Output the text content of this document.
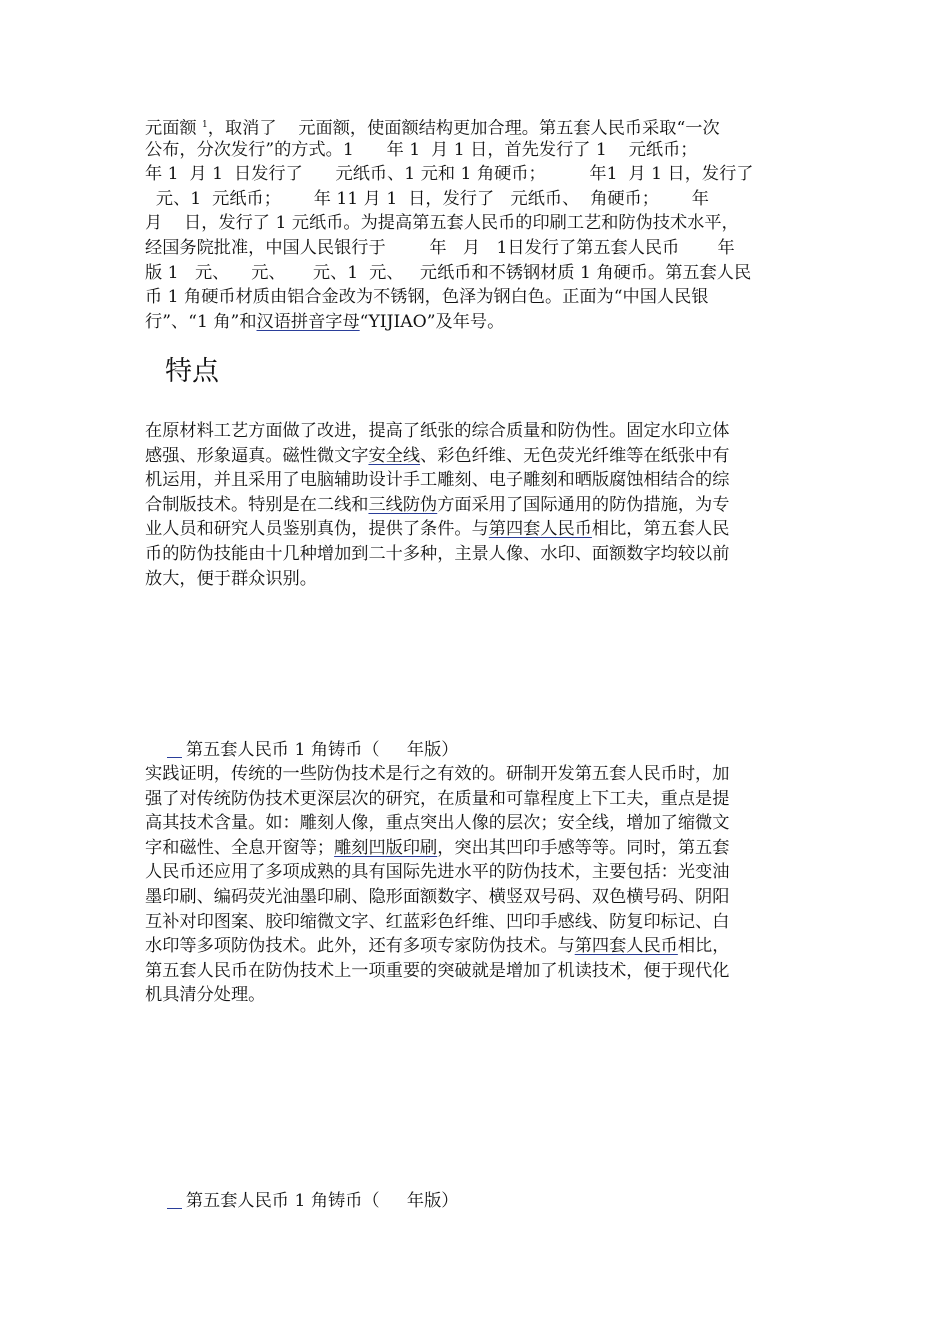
元面额 $^1$，取消了    元面额，使面额结构更加合理。第五套人民币采取“一次
公布，分次发行”的方式。1      年 1  月 1 日，首先发行了 1    元纸币；
年 1  月 1  日发行了      元纸币、1 元和 1 角硬币；        年1  月 1 日，发行了
元、1  元纸币；      年 11 月 1  日，发行了   元纸币、  角硬币；      年
月    日，发行了 1 元纸币。为提高第五套人民币的印刷工艺和防伪技术水平，
经国务院批准，中国人民银行于        年   月   1日发行了第五套人民币       年
版 1   元、    元、     元、1  元、   元纸币和不锈钢材质 1 角硬币。第五套人民
币 1 角硬币材质由铝合金改为不锈钢，色泽为钢白色。正面为“中国人民银
行”、“1 角”和汉语拼音字母“YIJIAO”及年号。
特点
在原材料工艺方面做了改进，提高了纸张的综合质量和防伪性。固定水印立体
感强、形象逼真。磁性微文字安全线、彩色纤维、无色荧光纤维等在纸张中有
机运用，并且采用了电脑辅助设计手工雕刻、电子雕刻和晒版腐蚀相结合的综
合制版技术。特别是在二线和三线防伪方面采用了国际通用的防伪措施，为专
业人员和研究人员鉴别真伪，提供了条件。与第四套人民币相比，第五套人民
币的防伪技能由十几种增加到二十多种，主景人像、水印、面额数字均较以前
放大，便于群众识别。

第五套人民币 1 角铸币（     年版）

实践证明，传统的一些防伪技术是行之有效的。研制开发第五套人民币时，加
强了对传统防伪技术更深层次的研究，在质量和可靠程度上下工夫，重点是提
高其技术含量。如：雕刻人像，重点突出人像的层次；安全线，增加了缩微文
字和磁性、全息开窗等；雕刻凹版印刷，突出其凹印手感等等。同时，第五套
人民币还应用了多项成熟的具有国际先进水平的防伪技术，主要包括：光变油
墨印刷、编码荧光油墨印刷、隐形面额数字、横竖双号码、双色横号码、阴阳
互补对印图案、胶印缩微文字、红蓝彩色纤维、凹印手感线、防复印标记、白
水印等多项防伪技术。此外，还有多项专家防伪技术。与第四套人民币相比，
第五套人民币在防伪技术上一项重要的突破就是增加了机读技术，便于现代化
机具清分处理。

第五套人民币 1 角铸币（     年版）
